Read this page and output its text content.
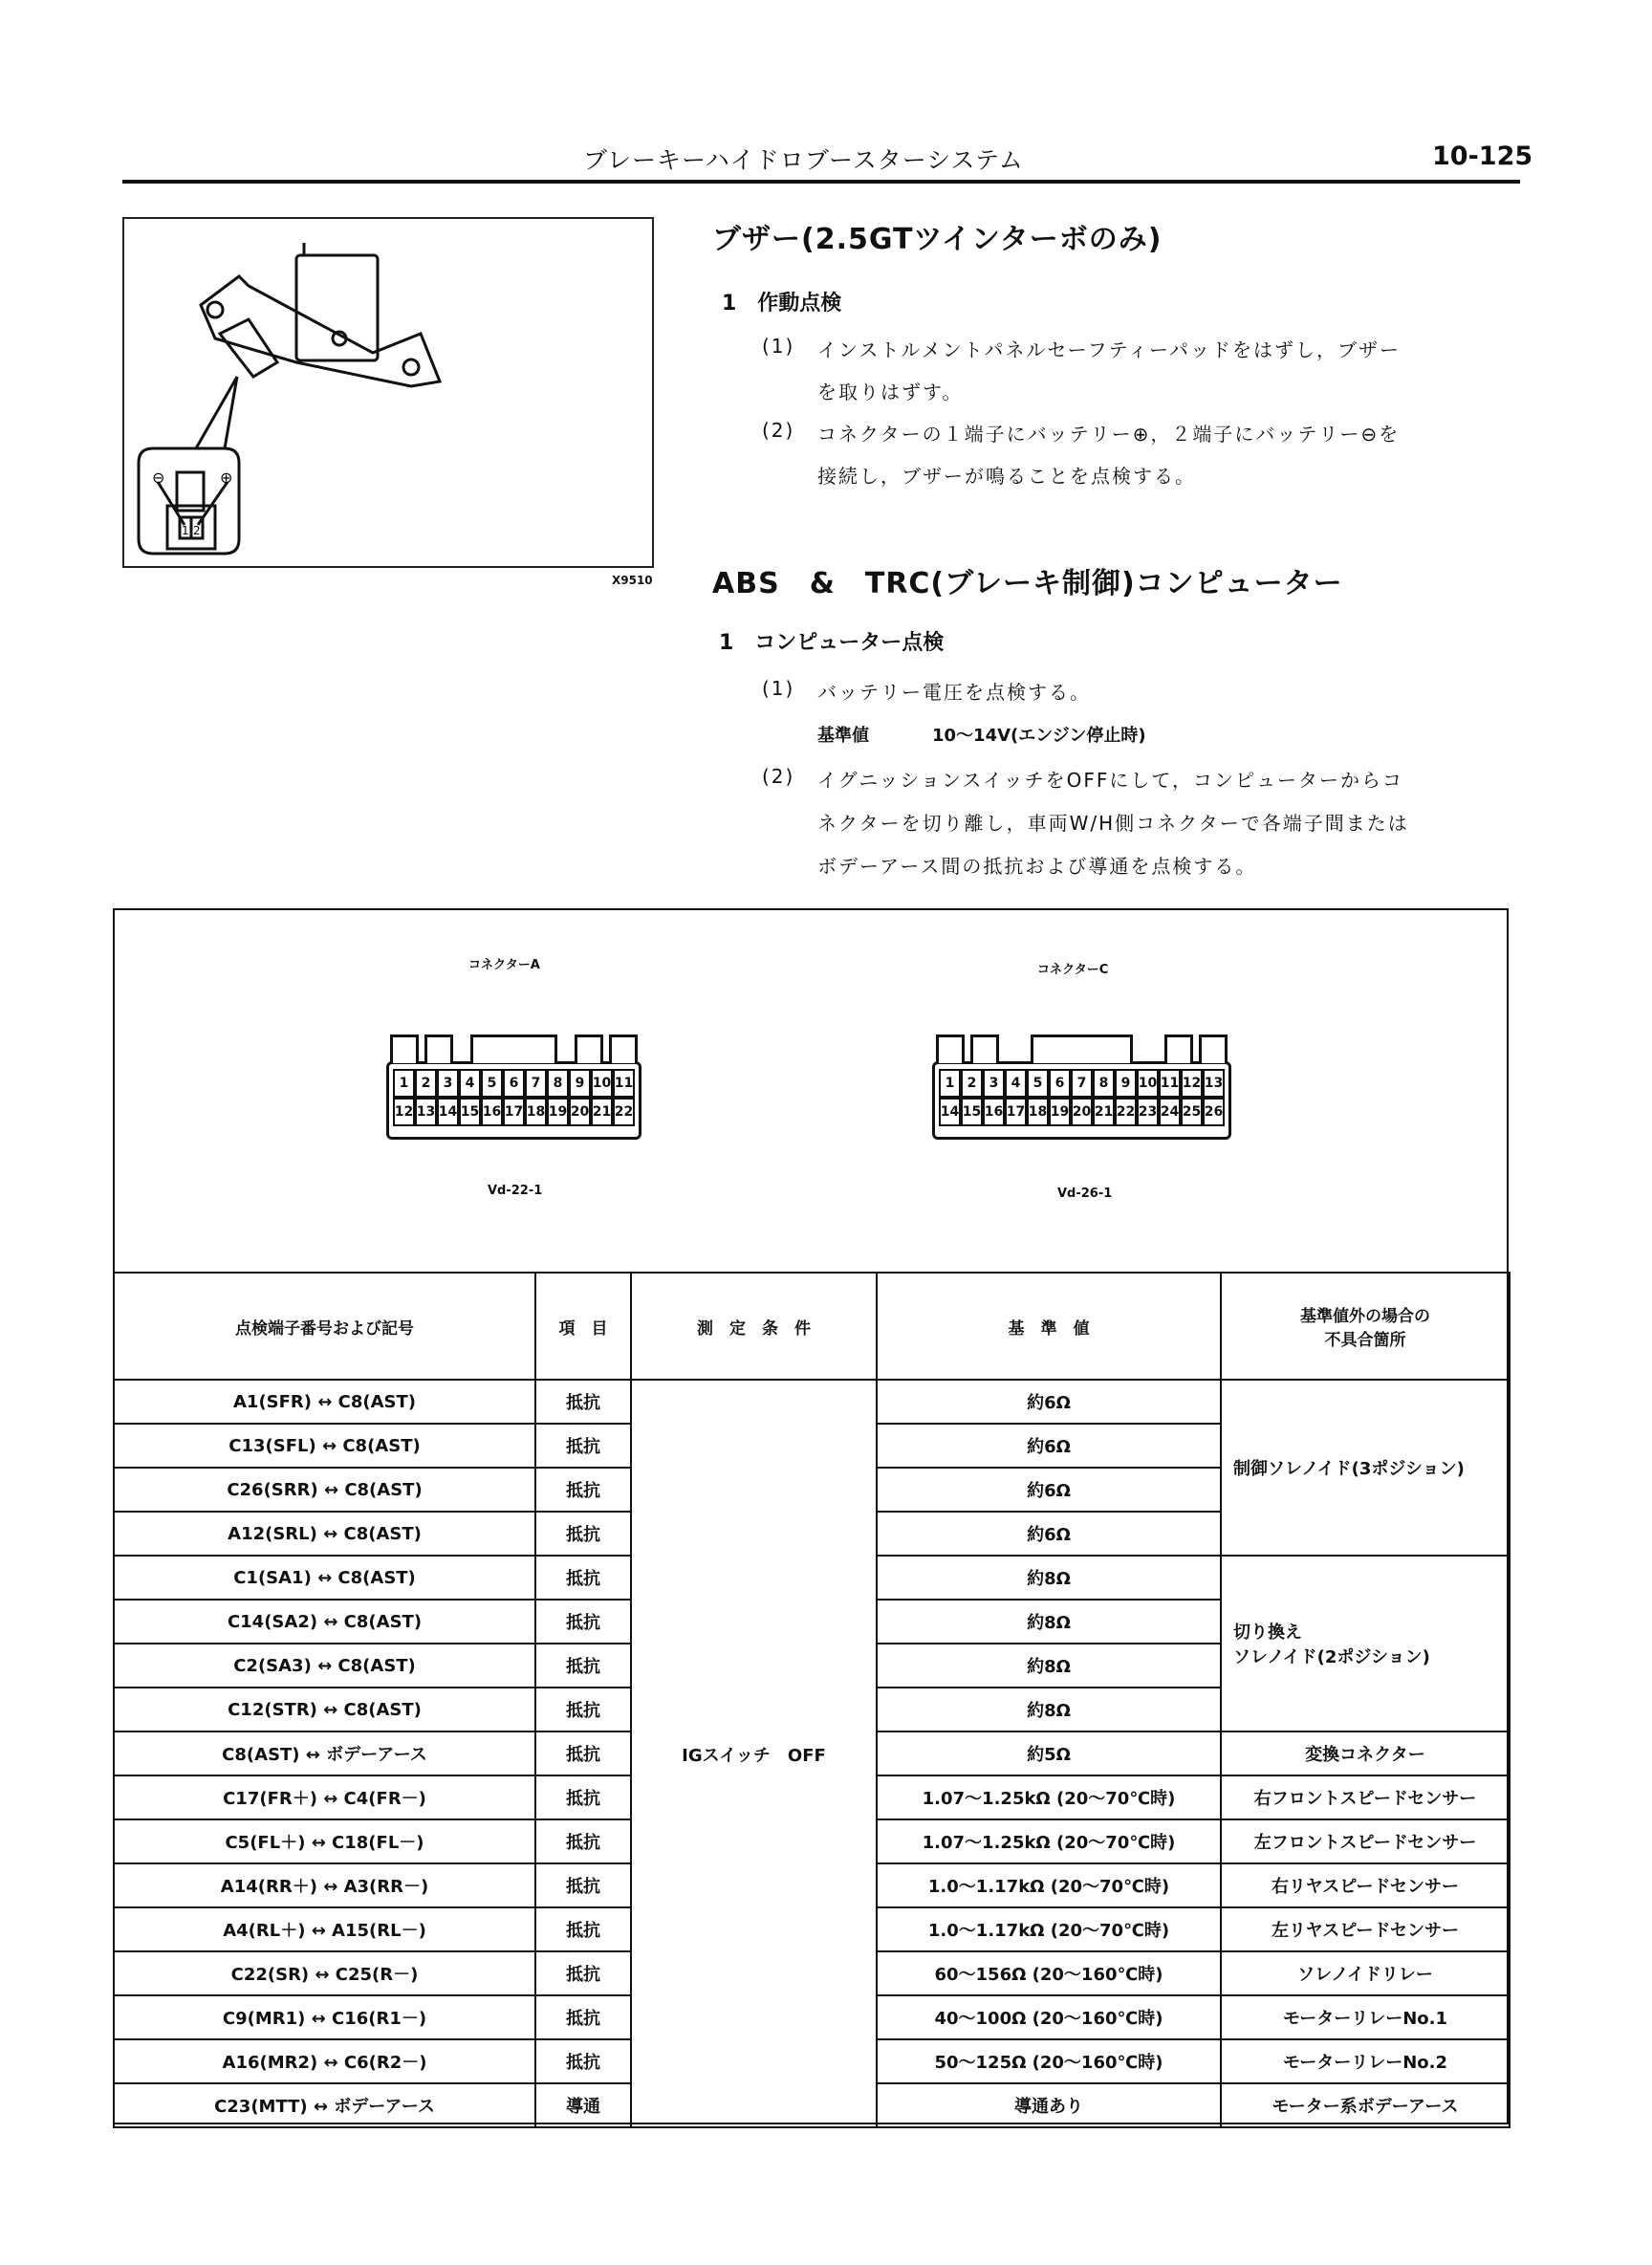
ブレーキーハイドロブースターシステム	10-125
⊖	⊕
1 2
X9510
ブザー(2.5GTツインターボのみ)
1　作動点検
(1) インストルメントパネルセーフティーパッドをはずし，ブザー
を取りはずす。
(2) コネクターの１端子にバッテリー⊕，２端子にバッテリー⊖を
接続し，ブザーが鳴ることを点検する。
ABS　&　TRC(ブレーキ制御)コンピューター
1　コンピューター点検
(1) バッテリー電圧を点検する。
基準値	10～14V(エンジン停止時)
(2) イグニッションスイッチをOFFにして，コンピューターからコ
ネクターを切り離し，車両W/H側コネクターで各端子間または
ボデーアース間の抵抗および導通を点検する。
コネクターA	コネクターC
1 2 3 4 5 6 7 8 9 10 11
12 13 14 15 16 17 18 19 20 21 22
1 2 3 4 5 6 7 8 9 10 11 12 13
14 15 16 17 18 19 20 21 22 23 24 25 26
Vd-22-1	Vd-26-1
点検端子番号および記号	項　目	測　定　条　件	基　準　値	基準値外の場合の
不具合箇所
A1(SFR) ↔ C8(AST)	抵抗	IGスイッチ　OFF	約6Ω	制御ソレノイド(3ポジション)
C13(SFL) ↔ C8(AST)	抵抗		約6Ω	
C26(SRR) ↔ C8(AST)	抵抗		約6Ω	
A12(SRL) ↔ C8(AST)	抵抗		約6Ω	
C1(SA1) ↔ C8(AST)	抵抗		約8Ω	切り換え
ソレノイド(2ポジション)
C14(SA2) ↔ C8(AST)	抵抗		約8Ω	
C2(SA3) ↔ C8(AST)	抵抗		約8Ω	
C12(STR) ↔ C8(AST)	抵抗		約8Ω	
C8(AST) ↔ ボデーアース	抵抗		約5Ω	変換コネクター
C17(FR＋) ↔ C4(FR－)	抵抗		1.07～1.25kΩ (20～70℃時)	右フロントスピードセンサー
C5(FL＋) ↔ C18(FL－)	抵抗		1.07～1.25kΩ (20～70℃時)	左フロントスピードセンサー
A14(RR＋) ↔ A3(RR－)	抵抗		1.0～1.17kΩ (20～70℃時)	右リヤスピードセンサー
A4(RL＋) ↔ A15(RL－)	抵抗		1.0～1.17kΩ (20～70℃時)	左リヤスピードセンサー
C22(SR) ↔ C25(R－)	抵抗		60～156Ω (20～160℃時)	ソレノイドリレー
C9(MR1) ↔ C16(R1－)	抵抗		40～100Ω (20～160℃時)	モーターリレーNo.1
A16(MR2) ↔ C6(R2－)	抵抗		50～125Ω (20～160℃時)	モーターリレーNo.2
C23(MTT) ↔ ボデーアース	導通		導通あり	モーター系ボデーアース
